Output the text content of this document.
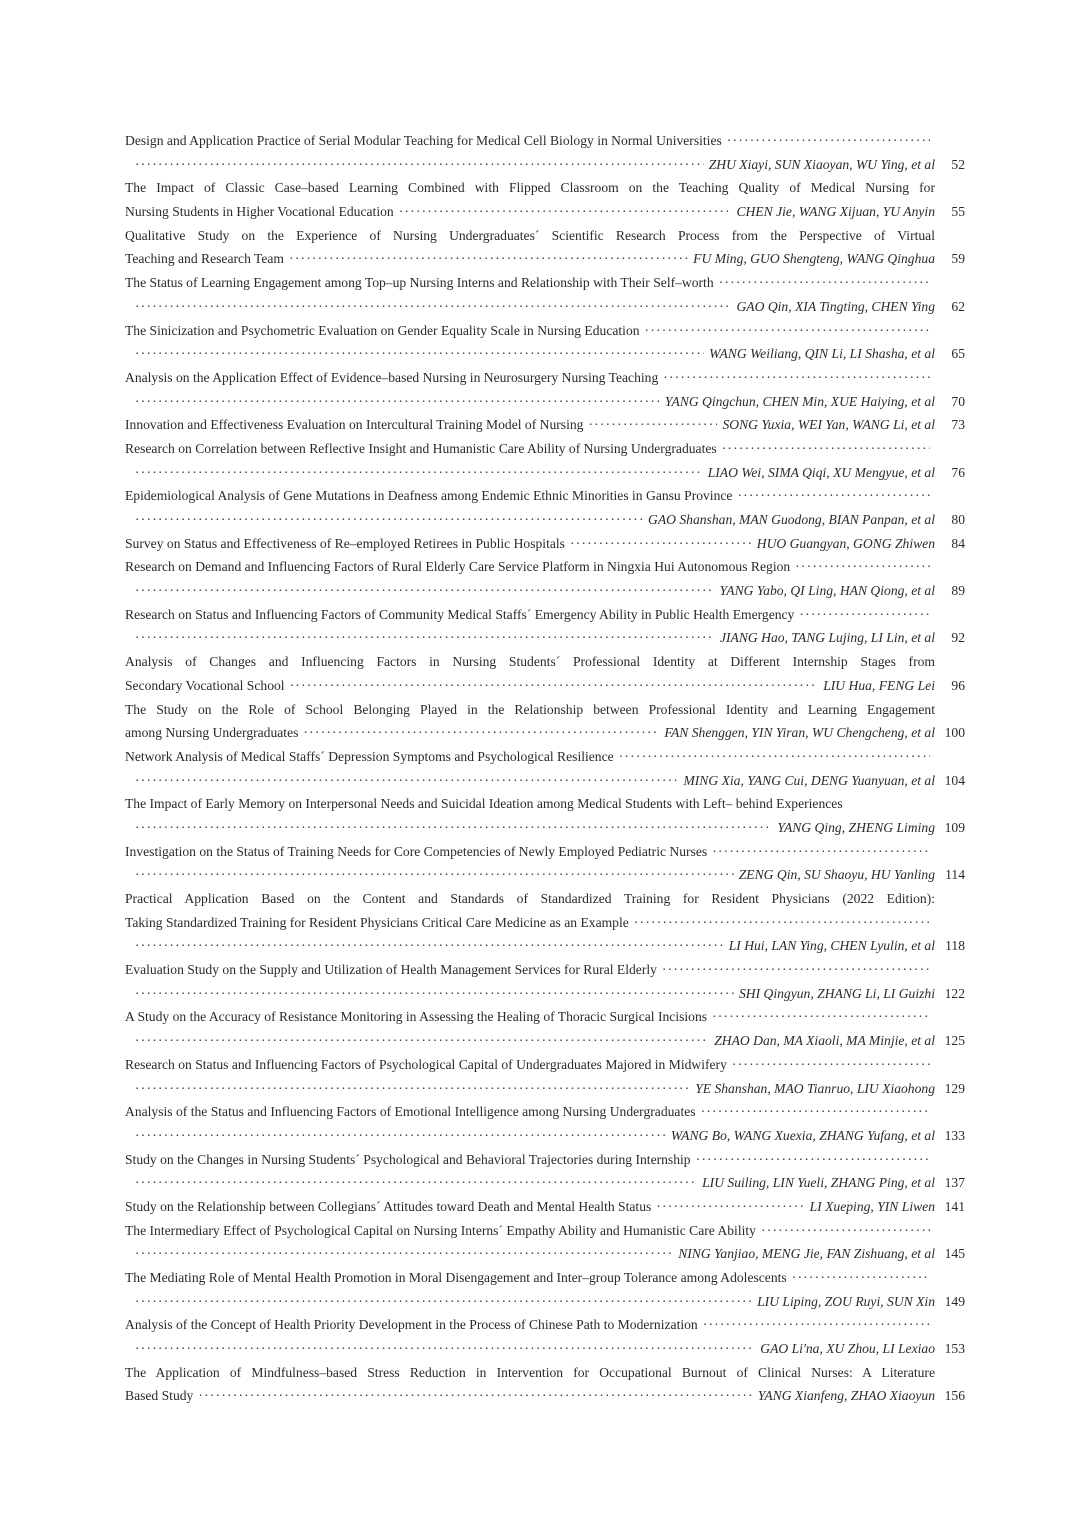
Design and Application Practice of Serial Modular Teaching for Medical Cell Biology in Normal Universities
·····
·····
ZHU Xiayi, SUN Xiaoyan, WU Ying, et al	52
The Impact of Classic Case–based Learning Combined with Flipped Classroom on the Teaching Quality of Medical Nursing for
Nursing Students in Higher Vocational Education ·····	CHEN Jie, WANG Xijuan, YU Anyin	55
Qualitative Study on the Experience of Nursing Undergraduates´ Scientific Research Process from the Perspective of Virtual
Teaching and Research Team ·····	FU Ming, GUO Shengteng, WANG Qinghua	59
The Status of Learning Engagement among Top–up Nursing Interns and Relationship with Their Self–worth
·····
·····
GAO Qin, XIA Tingting, CHEN Ying	62
The Sinicization and Psychometric Evaluation on Gender Equality Scale in Nursing Education
·····
·····
WANG Weiliang, QIN Li, LI Shasha, et al	65
Analysis on the Application Effect of Evidence–based Nursing in Neurosurgery Nursing Teaching
·····
·····
YANG Qingchun, CHEN Min, XUE Haiying, et al	70
Innovation and Effectiveness Evaluation on Intercultural Training Model of Nursing ·····	SONG Yuxia, WEI Yan, WANG Li, et al	73
Research on Correlation between Reflective Insight and Humanistic Care Ability of Nursing Undergraduates
·····
·····
LIAO Wei, SIMA Qiqi, XU Mengyue, et al	76
Epidemiological Analysis of Gene Mutations in Deafness among Endemic Ethnic Minorities in Gansu Province
·····
·····
GAO Shanshan, MAN Guodong, BIAN Panpan, et al	80
Survey on Status and Effectiveness of Re–employed Retirees in Public Hospitals ·····	HUO Guangyan, GONG Zhiwen	84
Research on Demand and Influencing Factors of Rural Elderly Care Service Platform in Ningxia Hui Autonomous Region
·····
·····
YANG Yabo, QI Ling, HAN Qiong, et al	89
Research on Status and Influencing Factors of Community Medical Staffs´ Emergency Ability in Public Health Emergency
·····
·····
JIANG Hao, TANG Lujing, LI Lin, et al	92
Analysis of Changes and Influencing Factors in Nursing Students´ Professional Identity at Different Internship Stages from
Secondary Vocational School ·····	LIU Hua, FENG Lei	96
The Study on the Role of School Belonging Played in the Relationship between Professional Identity and Learning Engagement
among Nursing Undergraduates ·····	FAN Shenggen, YIN Yiran, WU Chengcheng, et al 100
Network Analysis of Medical Staffs´ Depression Symptoms and Psychological Resilience
·····
·····
MING Xia, YANG Cui, DENG Yuanyuan, et al 104
The Impact of Early Memory on Interpersonal Needs and Suicidal Ideation among Medical Students with Left– behind Experiences
·····
YANG Qing, ZHENG Liming 109
Investigation on the Status of Training Needs for Core Competencies of Newly Employed Pediatric Nurses
·····
·····
ZENG Qin, SU Shaoyu, HU Yanling 114
Practical Application Based on the Content and Standards of Standardized Training for Resident Physicians (2022 Edition):
Taking Standardized Training for Resident Physicians Critical Care Medicine as an Example
·····
·····
LI Hui, LAN Ying, CHEN Lyulin, et al 118
Evaluation Study on the Supply and Utilization of Health Management Services for Rural Elderly
·····
·····
SHI Qingyun, ZHANG Li, LI Guizhi 122
A Study on the Accuracy of Resistance Monitoring in Assessing the Healing of Thoracic Surgical Incisions
·····
·····
ZHAO Dan, MA Xiaoli, MA Minjie, et al 125
Research on Status and Influencing Factors of Psychological Capital of Undergraduates Majored in Midwifery
·····
·····
YE Shanshan, MAO Tianruo, LIU Xiaohong 129
Analysis of the Status and Influencing Factors of Emotional Intelligence among Nursing Undergraduates
·····
·····
WANG Bo, WANG Xuexia, ZHANG Yufang, et al 133
Study on the Changes in Nursing Students´ Psychological and Behavioral Trajectories during Internship
·····
·····
LIU Suiling, LIN Yueli, ZHANG Ping, et al 137
Study on the Relationship between Collegians´ Attitudes toward Death and Mental Health Status ·····	LI Xueping, YIN Liwen 141
The Intermediary Effect of Psychological Capital on Nursing Interns´ Empathy Ability and Humanistic Care Ability
·····
·····
NING Yanjiao, MENG Jie, FAN Zishuang, et al 145
The Mediating Role of Mental Health Promotion in Moral Disengagement and Inter–group Tolerance among Adolescents
·····
·····
LIU Liping, ZOU Ruyi, SUN Xin 149
Analysis of the Concept of Health Priority Development in the Process of Chinese Path to Modernization
·····
·····
GAO Li'na, XU Zhou, LI Lexiao 153
The Application of Mindfulness–based Stress Reduction in Intervention for Occupational Burnout of Clinical Nurses: A Literature
Based Study ·····	YANG Xianfeng, ZHAO Xiaoyun 156
